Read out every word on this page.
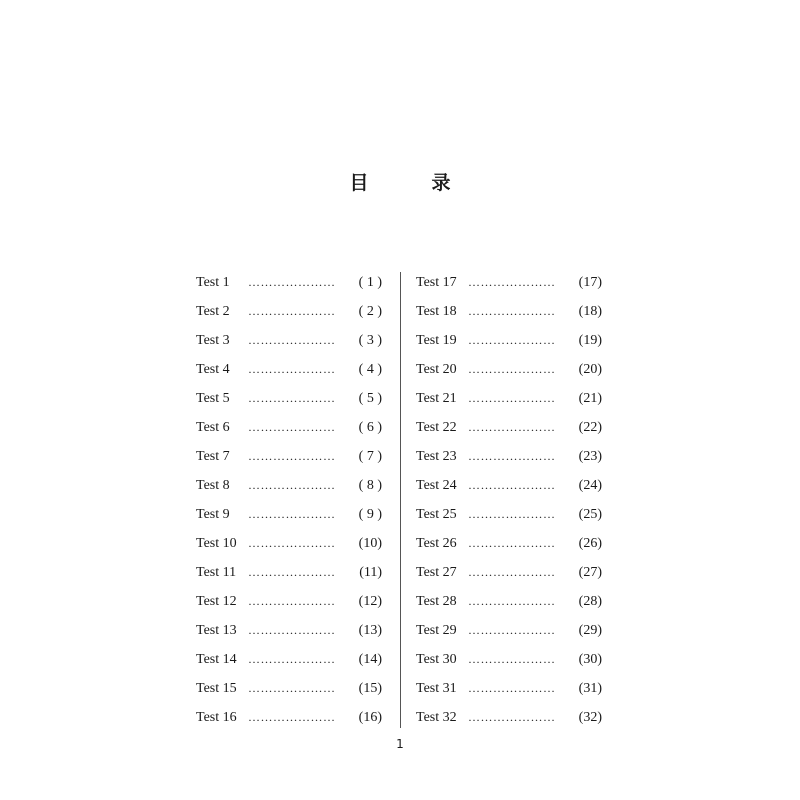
目　录
Test 1 ………………… ( 1 )
Test 2 ………………… ( 2 )
Test 3 ………………… ( 3 )
Test 4 ………………… ( 4 )
Test 5 ………………… ( 5 )
Test 6 ………………… ( 6 )
Test 7 ………………… ( 7 )
Test 8 ………………… ( 8 )
Test 9 ………………… ( 9 )
Test 10 ………………… (10)
Test 11 ………………… (11)
Test 12 ………………… (12)
Test 13 ………………… (13)
Test 14 ………………… (14)
Test 15 ………………… (15)
Test 16 ………………… (16)
Test 17 ………………… (17)
Test 18 ………………… (18)
Test 19 ………………… (19)
Test 20 ………………… (20)
Test 21 ………………… (21)
Test 22 ………………… (22)
Test 23 ………………… (23)
Test 24 ………………… (24)
Test 25 ………………… (25)
Test 26 ………………… (26)
Test 27 ………………… (27)
Test 28 ………………… (28)
Test 29 ………………… (29)
Test 30 ………………… (30)
Test 31 ………………… (31)
Test 32 ………………… (32)
1
